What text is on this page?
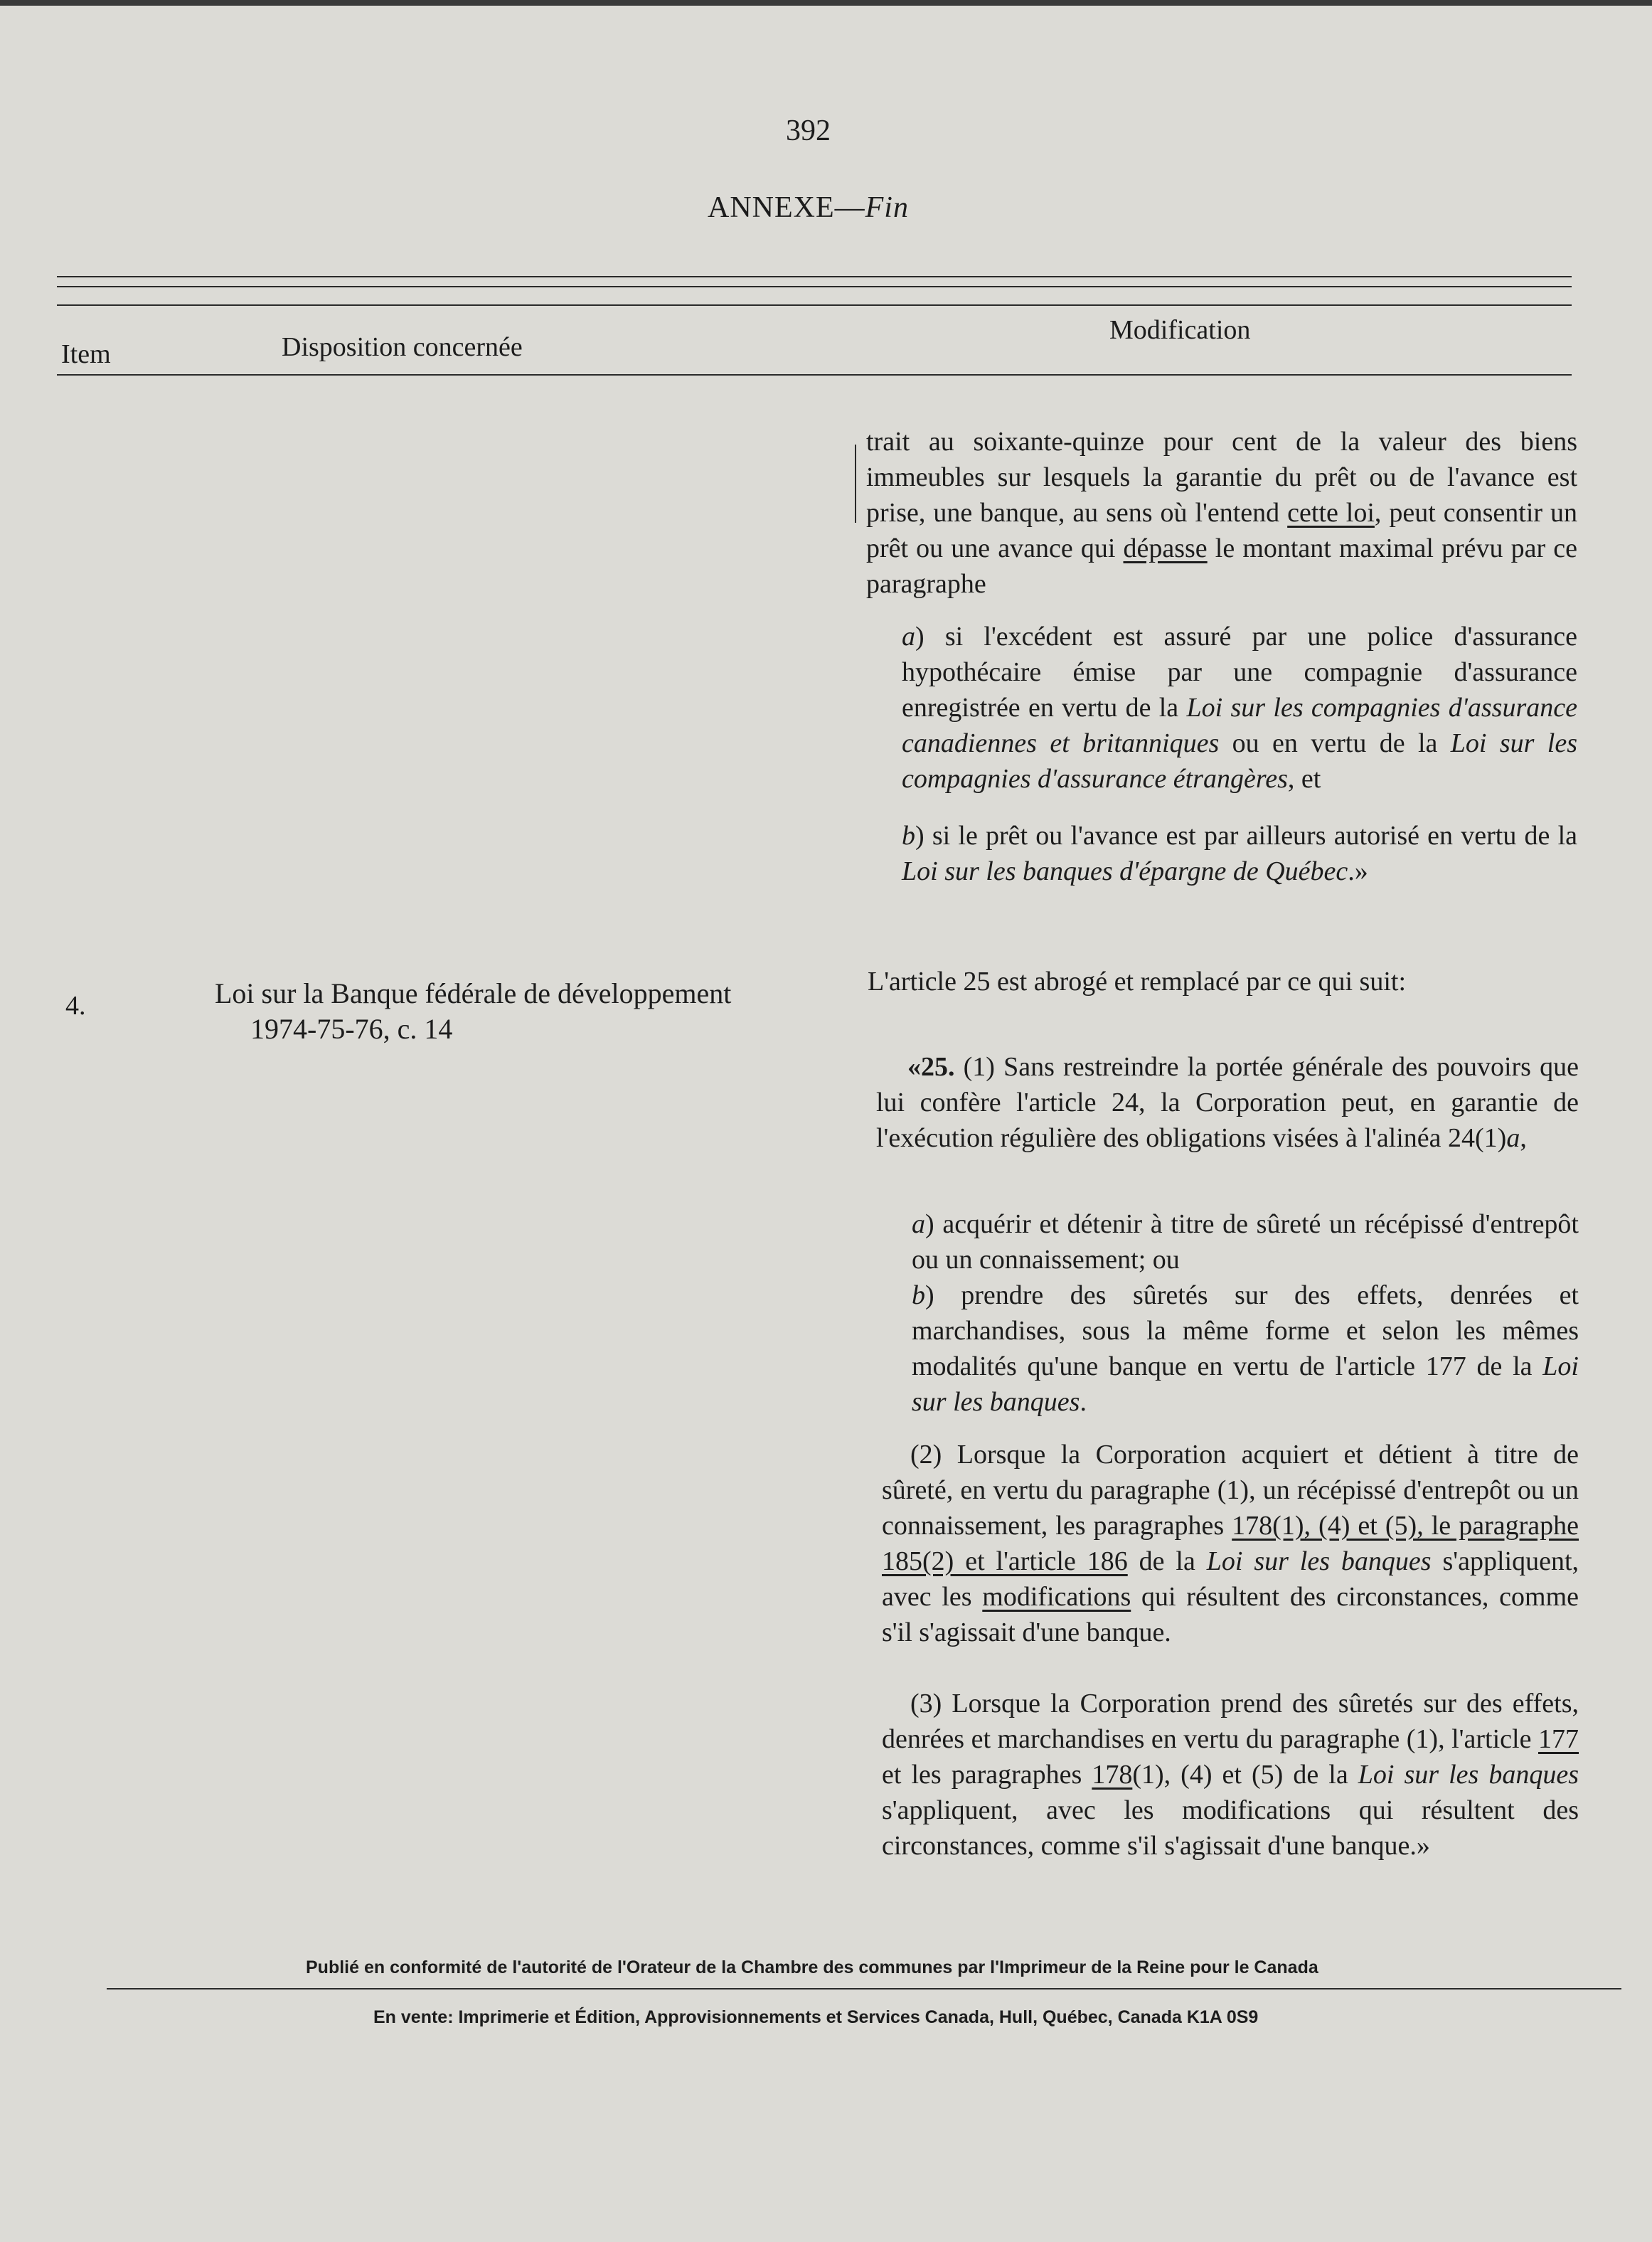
392
ANNEXE—Fin
Item	Disposition concernée
Modification
trait au soixante-quinze pour cent de la valeur des biens immeubles sur lesquels la garantie du prêt ou de l'avance est prise, une banque, au sens où l'entend cette loi, peut consentir un prêt ou une avance qui dépasse le montant maximal prévu par ce paragraphe
a) si l'excédent est assuré par une police d'assurance hypothécaire émise par une compagnie d'assurance enregistrée en vertu de la Loi sur les compagnies d'assurance canadiennes et britanniques ou en vertu de la Loi sur les compagnies d'assurance étrangères, et
b) si le prêt ou l'avance est par ailleurs autorisé en vertu de la Loi sur les banques d'épargne de Québec.»
4.	Loi sur la Banque fédérale de développement
1974-75-76, c. 14
L'article 25 est abrogé et remplacé par ce qui suit:
«25. (1) Sans restreindre la portée générale des pouvoirs que lui confère l'article 24, la Corporation peut, en garantie de l'exécution régulière des obligations visées à l'alinéa 24(1)a,
a) acquérir et détenir à titre de sûreté un récépissé d'entrepôt ou un connaissement; ou
b) prendre des sûretés sur des effets, denrées et marchandises, sous la même forme et selon les mêmes modalités qu'une banque en vertu de l'article 177 de la Loi sur les banques.
(2) Lorsque la Corporation acquiert et détient à titre de sûreté, en vertu du paragraphe (1), un récépissé d'entrepôt ou un connaissement, les paragraphes 178(1), (4) et (5), le paragraphe 185(2) et l'article 186 de la Loi sur les banques s'appliquent, avec les modifications qui résultent des circonstances, comme s'il s'agissait d'une banque.
(3) Lorsque la Corporation prend des sûretés sur des effets, denrées et marchandises en vertu du paragraphe (1), l'article 177 et les paragraphes 178(1), (4) et (5) de la Loi sur les banques s'appliquent, avec les modifications qui résultent des circonstances, comme s'il s'agissait d'une banque.»
Publié en conformité de l'autorité de l'Orateur de la Chambre des communes par l'Imprimeur de la Reine pour le Canada
En vente: Imprimerie et Édition, Approvisionnements et Services Canada, Hull, Québec, Canada K1A 0S9
